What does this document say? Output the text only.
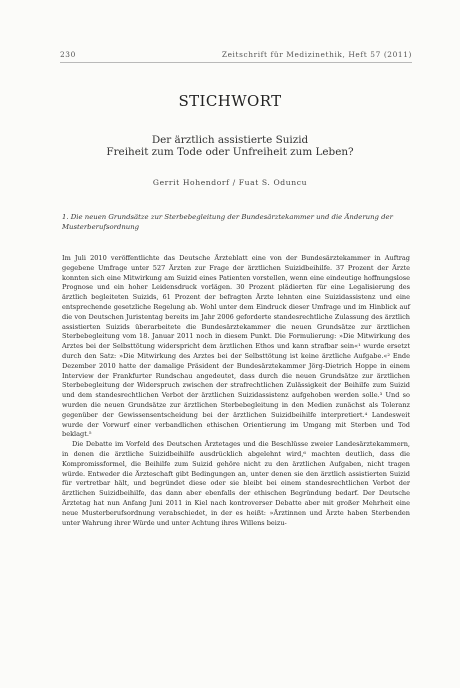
230	Zeitschrift für Medizinethik, Heft 57 (2011)
STICHWORT
Der ärztlich assistierte Suizid
Freiheit zum Tode oder Unfreiheit zum Leben?
Gerrit Hohendorf / Fuat S. Oduncu
1. Die neuen Grundsätze zur Sterbebegleitung der Bundesärztekammer und die Änderung der Musterberufsordnung

Im Juli 2010 veröffentlichte das Deutsche Ärzteblatt eine von der Bundesärztekammer in Auftrag gegebene Umfrage unter 527 Ärzten zur Frage der ärztlichen Suizidbeihilfe. 37 Prozent der Ärzte konnten sich eine Mitwirkung am Suizid eines Patienten vorstellen, wenn eine eindeutige hoffnungslose Prognose und ein hoher Leidensdruck vorlägen. 30 Prozent plädierten für eine Legalisierung des ärztlich begleiteten Suizids, 61 Prozent der befragten Ärzte lehnten eine Suizidassistenz und eine entsprechende gesetzliche Regelung ab. Wohl unter dem Eindruck dieser Umfrage und im Hinblick auf die von Deutschen Juristentag bereits im Jahr 2006 geforderte standesrechtliche Zulassung des ärztlich assistierten Suizids überarbeitete die Bundesärztekammer die neuen Grundsätze zur ärztlichen Sterbebegleitung vom 18. Januar 2011 noch in diesem Punkt. Die Formulierung: »Die Mitwirkung des Arztes bei der Selbsttötung widerspricht dem ärztlichen Ethos und kann strafbar sein«¹ wurde ersetzt durch den Satz: »Die Mitwirkung des Arztes bei der Selbsttötung ist keine ärztliche Aufgabe.«² Ende Dezember 2010 hatte der damalige Präsident der Bundesärztekammer Jörg-Dietrich Hoppe in einem Interview der Frankfurter Rundschau angedeutet, dass durch die neuen Grundsätze zur ärztlichen Sterbebegleitung der Widerspruch zwischen der strafrechtlichen Zulässigkeit der Beihilfe zum Suizid und dem standesrechtlichen Verbot der ärztlichen Suizidassistenz aufgehoben werden solle.³ Und so wurden die neuen Grundsätze zur ärztlichen Sterbebegleitung in den Medien zunächst als Toleranz gegenüber der Gewissensentscheidung bei der ärztlichen Suizidbeihilfe interpretiert.⁴ Landesweit wurde der Vorwurf einer verbandlichen ethischen Orientierung im Umgang mit Sterben und Tod beklagt.⁵

Die Debatte im Vorfeld des Deutschen Ärztetages und die Beschlüsse zweier Landesärztekammern, in denen die ärztliche Suizidbeihilfe ausdrücklich abgelehnt wird,⁶ machten deutlich, dass die Kompromissformel, die Beihilfe zum Suizid gehöre nicht zu den ärztlichen Aufgaben, nicht tragen würde. Entweder die Ärzteschaft gibt Bedingungen an, unter denen sie den ärztlich assistierten Suizid für vertretbar hält, und begründet diese oder sie bleibt bei einem standesrechtlichen Verbot der ärztlichen Suizidbeihilfe, das dann aber ebenfalls der ethischen Begründung bedarf. Der Deutsche Ärztetag hat nun Anfang Juni 2011 in Kiel nach kontroverser Debatte aber mit großer Mehrheit eine neue Musterberufsordnung verabschiedet, in der es heißt: »Ärztinnen und Ärzte haben Sterbenden unter Wahrung ihrer Würde und unter Achtung ihres Willens beizu-
